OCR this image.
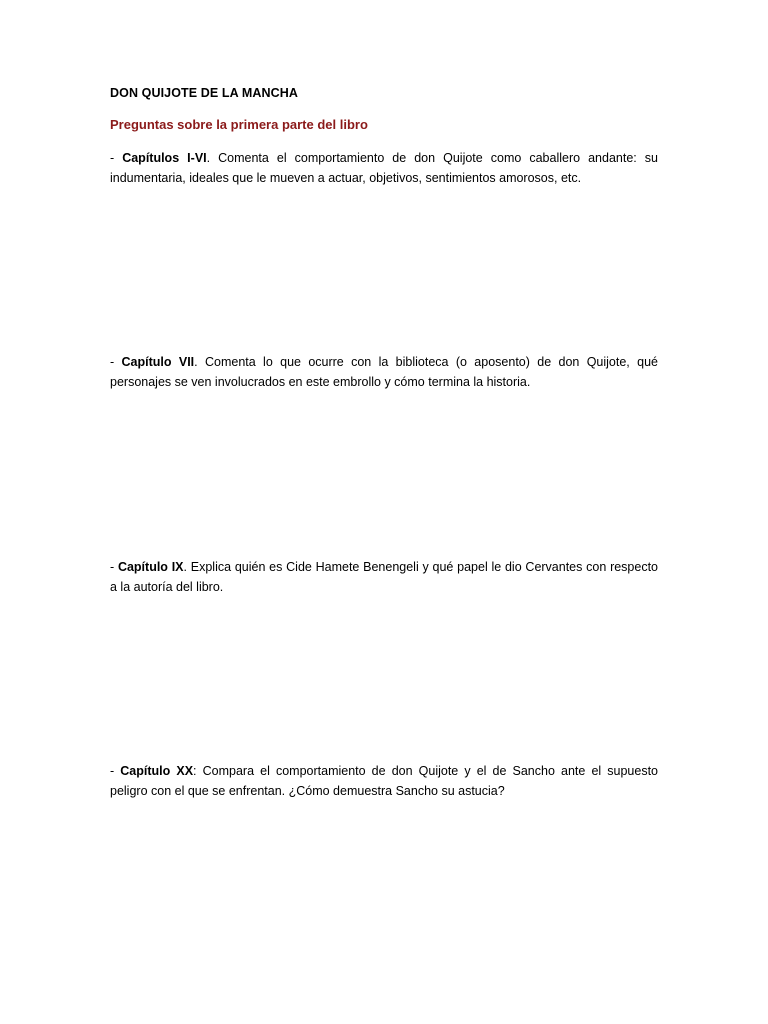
DON QUIJOTE DE LA MANCHA
Preguntas sobre la primera parte del libro

- Capítulos I-VI. Comenta el comportamiento de don Quijote como caballero andante: su indumentaria, ideales que le mueven a actuar, objetivos, sentimientos amorosos, etc.

- Capítulo VII. Comenta lo que ocurre con la biblioteca (o aposento) de don Quijote, qué personajes se ven involucrados en este embrollo y cómo termina la historia.

- Capítulo IX. Explica quién es Cide Hamete Benengeli y qué papel le dio Cervantes con respecto a la autoría del libro.

- Capítulo XX: Compara el comportamiento de don Quijote y el de Sancho ante el supuesto peligro con el que se enfrentan. ¿Cómo demuestra Sancho su astucia?
